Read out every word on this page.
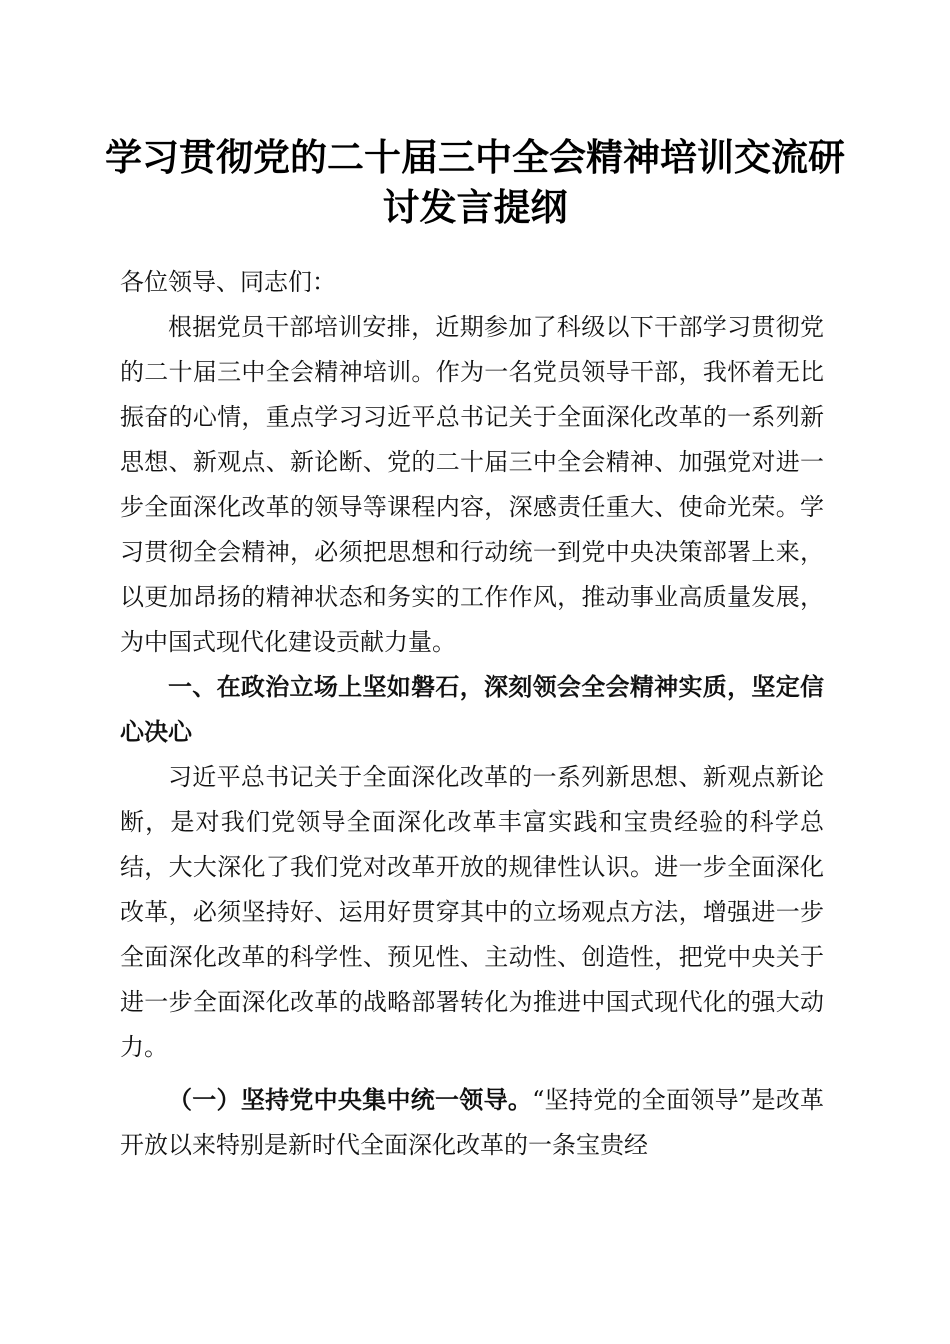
学习贯彻党的二十届三中全会精神培训交流研讨发言提纲

各位领导、同志们：

根据党员干部培训安排，近期参加了科级以下干部学习贯彻党的二十届三中全会精神培训。作为一名党员领导干部，我怀着无比振奋的心情，重点学习习近平总书记关于全面深化改革的一系列新思想、新观点、新论断、党的二十届三中全会精神、加强党对进一步全面深化改革的领导等课程内容，深感责任重大、使命光荣。学习贯彻全会精神，必须把思想和行动统一到党中央决策部署上来，以更加昂扬的精神状态和务实的工作作风，推动事业高质量发展，为中国式现代化建设贡献力量。

一、在政治立场上坚如磐石，深刻领会全会精神实质，坚定信心决心

习近平总书记关于全面深化改革的一系列新思想、新观点新论断，是对我们党领导全面深化改革丰富实践和宝贵经验的科学总结，大大深化了我们党对改革开放的规律性认识。进一步全面深化改革，必须坚持好、运用好贯穿其中的立场观点方法，增强进一步全面深化改革的科学性、预见性、主动性、创造性，把党中央关于进一步全面深化改革的战略部署转化为推进中国式现代化的强大动力。

（一）坚持党中央集中统一领导。“坚持党的全面领导”是改革开放以来特别是新时代全面深化改革的一条宝贵经
